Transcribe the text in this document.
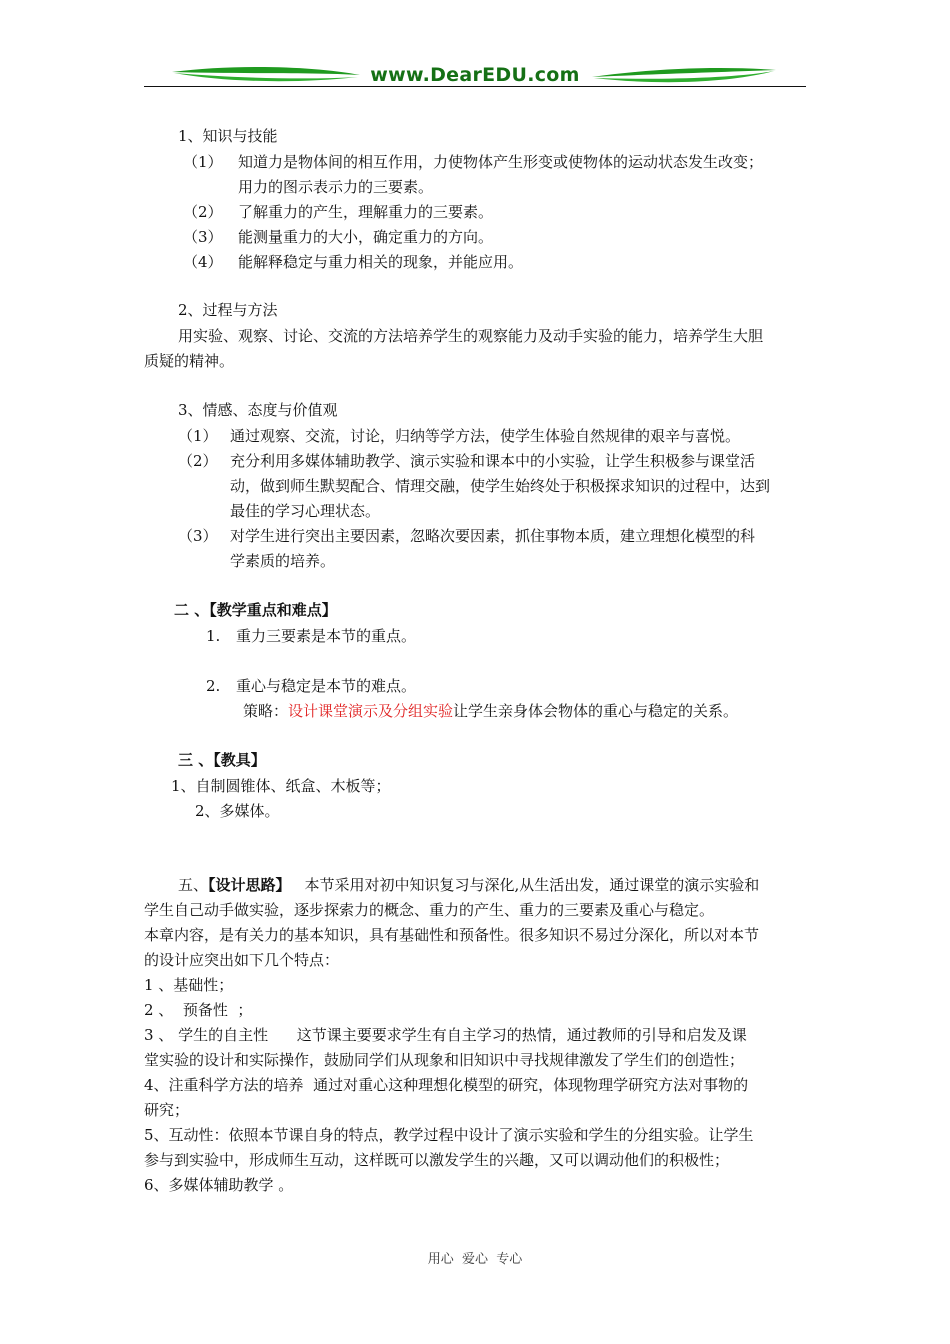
www.DearEDU.com
1、知识与技能
（1） 知道力是物体间的相互作用，力使物体产生形变或使物体的运动状态发生改变；
用力的图示表示力的三要素。
（2） 了解重力的产生，理解重力的三要素。
（3） 能测量重力的大小，确定重力的方向。
（4） 能解释稳定与重力相关的现象，并能应用。
2、过程与方法
用实验、观察、讨论、交流的方法培养学生的观察能力及动手实验的能力，培养学生大胆
质疑的精神。
3、情感、态度与价值观
（1） 通过观察、交流，讨论，归纳等学方法，使学生体验自然规律的艰辛与喜悦。
（2） 充分利用多媒体辅助教学、演示实验和课本中的小实验，让学生积极参与课堂活
动，做到师生默契配合、情理交融，使学生始终处于积极探求知识的过程中，达到
最佳的学习心理状态。
（3） 对学生进行突出主要因素，忽略次要因素，抓住事物本质，建立理想化模型的科
学素质的培养。
二 、【教学重点和难点】
1. 重力三要素是本节的重点。
2. 重心与稳定是本节的难点。
策略：设计课堂演示及分组实验让学生亲身体会物体的重心与稳定的关系。
三 、【教具】
1、自制圆锥体、纸盒、木板等；
2、多媒体。
五、【设计思路】 本节采用对初中知识复习与深化,从生活出发，通过课堂的演示实验和
学生自己动手做实验，逐步探索力的概念、重力的产生、重力的三要素及重心与稳定。
本章内容，是有关力的基本知识，具有基础性和预备性。很多知识不易过分深化，所以对本节
的设计应突出如下几个特点：
1 、基础性；
2 、  预备性  ；
3 、 学生的自主性      这节课主要要求学生有自主学习的热情，通过教师的引导和启发及课
堂实验的设计和实际操作，鼓励同学们从现象和旧知识中寻找规律激发了学生们的创造性；
4、注重科学方法的培养  通过对重心这种理想化模型的研究，体现物理学研究方法对事物的
研究；
5、互动性：依照本节课自身的特点，教学过程中设计了演示实验和学生的分组实验。让学生
参与到实验中，形成师生互动，这样既可以激发学生的兴趣，又可以调动他们的积极性；
6、多媒体辅助教学 。
用心  爱心  专心
